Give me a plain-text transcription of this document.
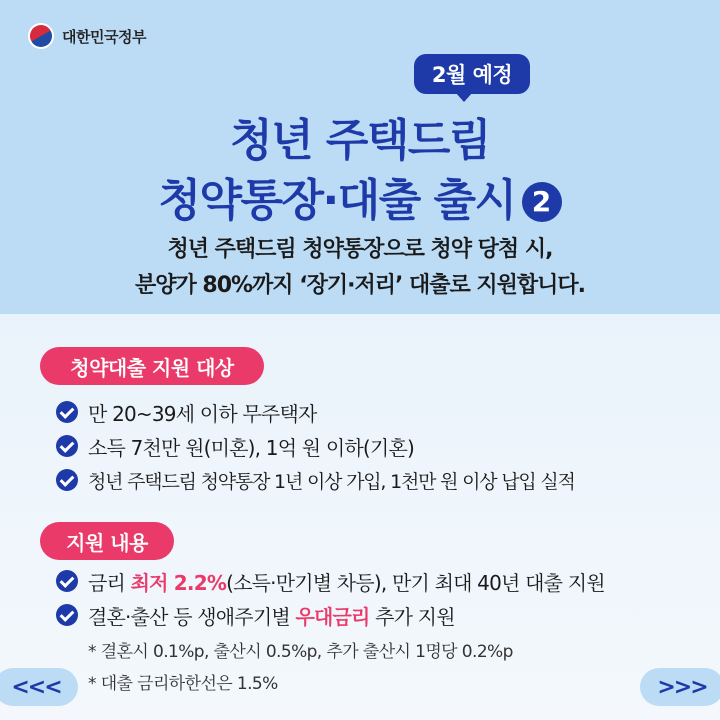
대한민국정부
2월 예정
청년 주택드림
청약통장·대출 출시 2
청년 주택드림 청약통장으로 청약 당첨 시,
분양가 80%까지 ‘장기·저리’ 대출로 지원합니다.
청약대출 지원 대상
만 20~39세 이하 무주택자
소득 7천만 원(미혼), 1억 원 이하(기혼)
청년 주택드림 청약통장 1년 이상 가입, 1천만 원 이상 납입 실적
지원 내용
금리 최저 2.2%(소득·만기별 차등), 만기 최대 40년 대출 지원
결혼·출산 등 생애주기별 우대금리 추가 지원
* 결혼시 0.1%p, 출산시 0.5%p, 추가 출산시 1명당 0.2%p
* 대출 금리하한선은 1.5%
<<<	>>>
